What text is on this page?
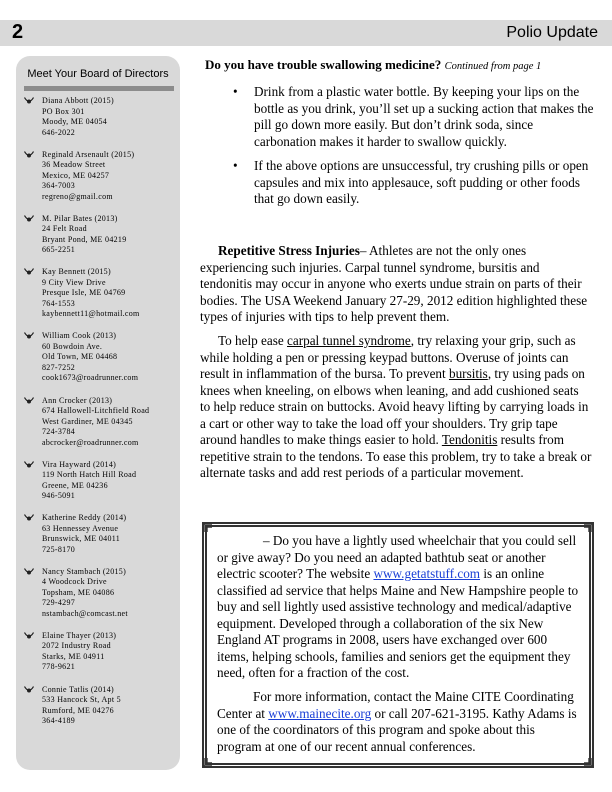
2	Polio Update
Meet Your Board of Directors
Diana Abbott (2015)
PO Box 301
Moody, ME 04054
646-2022
Reginald Arsenault (2015)
36 Meadow Street
Mexico, ME 04257
364-7003
regreno@gmail.com
M. Pilar Bates (2013)
24 Felt Road
Bryant Pond, ME 04219
665-2251
Kay Bennett (2015)
9 City View Drive
Presque Isle, ME 04769
764-1553
kaybennett11@hotmail.com
William Cook (2013)
60 Bowdoin Ave.
Old Town, ME 04468
827-7252
cook1673@roadrunner.com
Ann Crocker (2013)
674 Hallowell-Litchfield Road
West Gardiner, ME 04345
724-3784
abcrocker@roadrunner.com
Vira Hayward (2014)
119 North Hatch Hill Road
Greene, ME 04236
946-5091
Katherine Reddy (2014)
63 Hennessey Avenue
Brunswick, ME 04011
725-8170
Nancy Stambach (2015)
4 Woodcock Drive
Topsham, ME 04086
729-4297
nstambach@comcast.net
Elaine Thayer (2013)
2072 Industry Road
Starks, ME 04911
778-9621
Connie Tatlis (2014)
533 Hancock St, Apt 5
Rumford, ME 04276
364-4189
Do you have trouble swallowing medicine? Continued from page 1
• Drink from a plastic water bottle. By keeping your lips on the bottle as you drink, you’ll set up a sucking action that makes the pill go down more easily. But don’t drink soda, since carbonation makes it harder to swallow quickly.
• If the above options are unsuccessful, try crushing pills or open capsules and mix into applesauce, soft pudding or other foods that go down easily.
Repetitive Stress Injuries– Athletes are not the only ones experiencing such injuries. Carpal tunnel syndrome, bursitis and tendonitis may occur in anyone who exerts undue strain on parts of their bodies. The USA Weekend January 27-29, 2012 edition highlighted these types of injuries with tips to help prevent them.
To help ease carpal tunnel syndrome, try relaxing your grip, such as while holding a pen or pressing keypad buttons. Overuse of joints can result in inflammation of the bursa. To prevent bursitis, try using pads on knees when kneeling, on elbows when leaning, and add cushioned seats to help reduce strain on buttocks. Avoid heavy lifting by carrying loads in a cart or other way to take the load off your shoulders. Try grip tape around handles to make things easier to hold. Tendonitis results from repetitive strain to the tendons. To ease this problem, try to take a break or alternate tasks and add rest periods of a particular movement.
– Do you have a lightly used wheelchair that you could sell or give away? Do you need an adapted bathtub seat or another electric scooter? The website www.getatstuff.com is an online classified ad service that helps Maine and New Hampshire people to buy and sell lightly used assistive technology and medical/adaptive equipment. Developed through a collaboration of the six New England AT programs in 2008, users have exchanged over 600 items, helping schools, families and seniors get the equipment they need, often for a fraction of the cost.
For more information, contact the Maine CITE Coordinating Center at www.mainecite.org or call 207-621-3195. Kathy Adams is one of the coordinators of this program and spoke about this program at one of our recent annual conferences.
